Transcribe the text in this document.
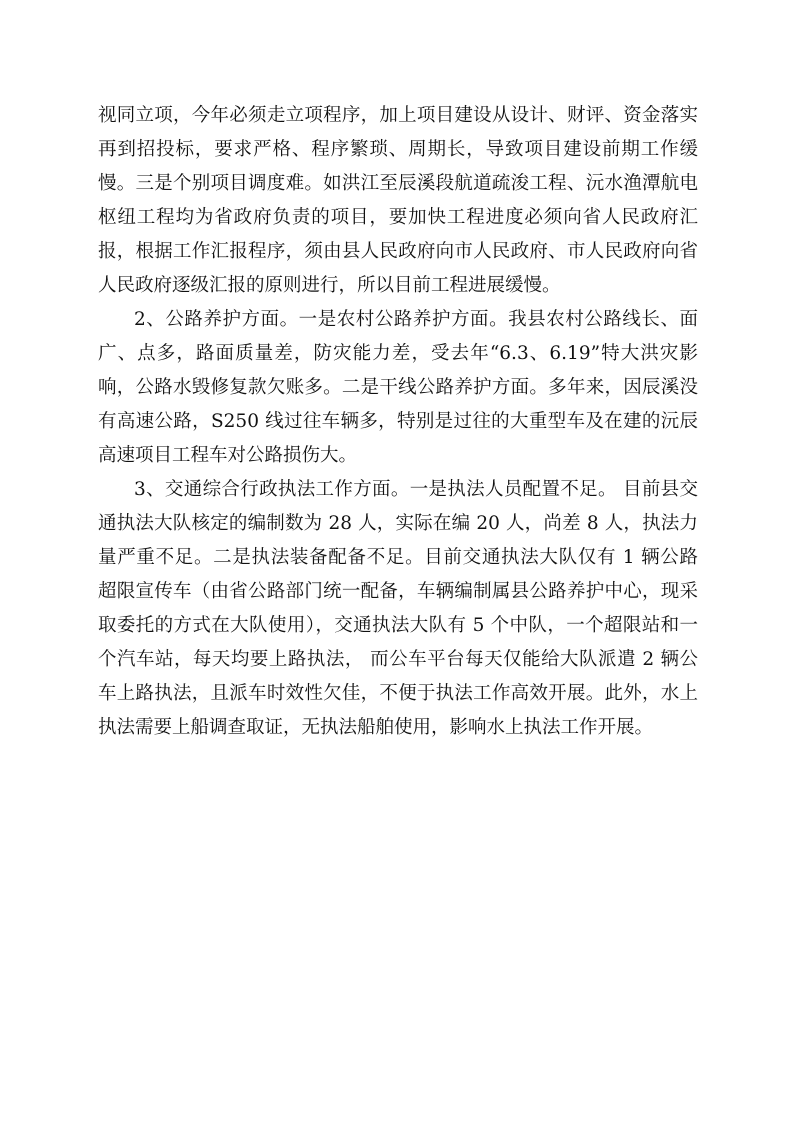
视同立项，今年必须走立项程序，加上项目建设从设计、财评、资金落实
再到招投标，要求严格、程序繁琐、周期长，导致项目建设前期工作缓
慢。三是个别项目调度难。如洪江至辰溪段航道疏浚工程、沅水渔潭航电
枢纽工程均为省政府负责的项目，要加快工程进度必须向省人民政府汇
报，根据工作汇报程序，须由县人民政府向市人民政府、市人民政府向省
人民政府逐级汇报的原则进行，所以目前工程进展缓慢。
2、公路养护方面。一是农村公路养护方面。我县农村公路线长、面
广、点多，路面质量差，防灾能力差，受去年“6.3、6.19”特大洪灾影
响，公路水毁修复款欠账多。二是干线公路养护方面。多年来，因辰溪没
有高速公路，S250 线过往车辆多，特别是过往的大重型车及在建的沅辰
高速项目工程车对公路损伤大。
3、交通综合行政执法工作方面。一是执法人员配置不足。 目前县交
通执法大队核定的编制数为 28 人，实际在编 20 人，尚差 8 人，执法力
量严重不足。二是执法装备配备不足。目前交通执法大队仅有 1 辆公路
超限宣传车（由省公路部门统一配备，车辆编制属县公路养护中心，现采
取委托的方式在大队使用），交通执法大队有 5 个中队，一个超限站和一
个汽车站，每天均要上路执法， 而公车平台每天仅能给大队派遣 2 辆公
车上路执法，且派车时效性欠佳，不便于执法工作高效开展。此外，水上
执法需要上船调查取证，无执法船舶使用，影响水上执法工作开展。
